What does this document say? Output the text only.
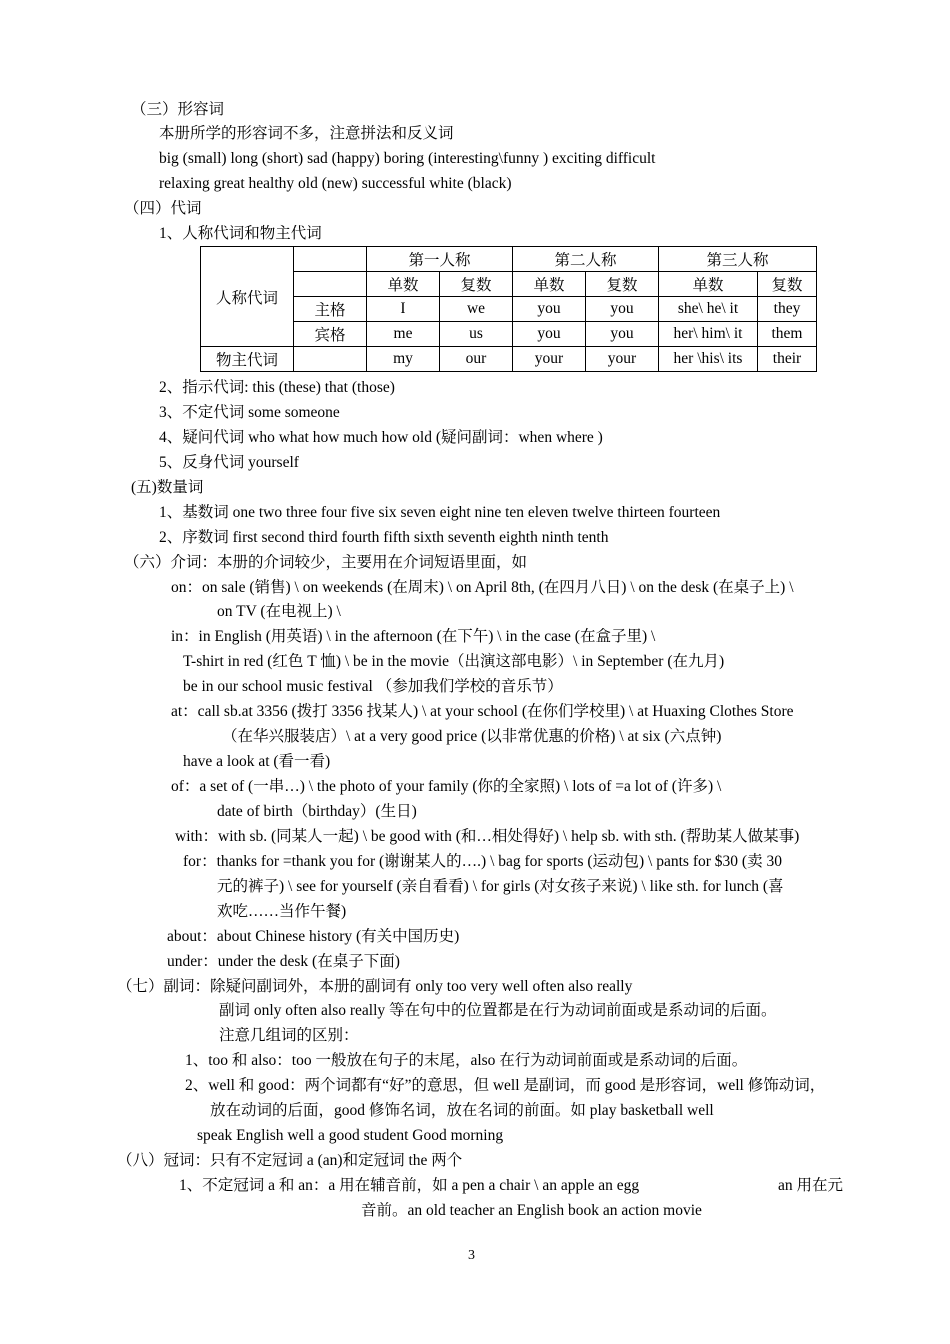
（三）形容词
本册所学的形容词不多，注意拼法和反义词
big (small) long (short) sad (happy) boring (interesting\funny ) exciting difficult
relaxing great healthy old (new) successful white (black)
（四）代词
1、人称代词和物主代词
人称代词		第一人称		第二人称		第三人称	
		单数	复数	单数	复数	单数	复数
	主格	I	we	you	you	she\ he\ it	they
	宾格	me	us	you	you	her\ him\ it	them
物主代词		my	our	your	your	her \his\ its	their
2、指示代词: this (these) that (those)
3、不定代词 some someone
4、疑问代词 who what how much how old (疑问副词：when where )
5、反身代词 yourself
(五)数量词
1、基数词 one two three four five six seven eight nine ten eleven twelve thirteen fourteen
2、序数词 first second third fourth fifth sixth seventh eighth ninth tenth
（六）介词：本册的介词较少，主要用在介词短语里面，如
on：on sale (销售) \ on weekends (在周末) \ on April 8th, (在四月八日) \ on the desk (在桌子上) \
on TV (在电视上) \
in：in English (用英语) \ in the afternoon (在下午) \ in the case (在盒子里) \
T-shirt in red (红色 T 恤) \ be in the movie（出演这部电影）\ in September (在九月)
be in our school music festival （参加我们学校的音乐节）
at：call sb.at 3356 (拨打 3356 找某人) \ at your school (在你们学校里) \ at Huaxing Clothes Store
（在华兴服装店）\ at a very good price (以非常优惠的价格) \ at six (六点钟)
have a look at (看一看)
of：a set of (一串…) \ the photo of your family (你的全家照) \ lots of =a lot of (许多) \
date of birth（birthday）(生日)
with：with sb. (同某人一起) \ be good with (和…相处得好) \ help sb. with sth. (帮助某人做某事)
for：thanks for =thank you for (谢谢某人的….) \ bag for sports (运动包) \ pants for $30 (卖 30
元的裤子) \ see for yourself (亲自看看) \ for girls (对女孩子来说) \ like sth. for lunch (喜
欢吃……当作午餐)
about：about Chinese history (有关中国历史)
under：under the desk (在桌子下面)
（七）副词：除疑问副词外，本册的副词有 only too very well often also really
副词 only often also really 等在句中的位置都是在行为动词前面或是系动词的后面。
注意几组词的区别：
1、too 和 also：too 一般放在句子的末尾，also 在行为动词前面或是系动词的后面。
2、well 和 good：两个词都有“好”的意思，但 well 是副词，而 good 是形容词，well 修饰动词，
放在动词的后面，good 修饰名词，放在名词的前面。如 play basketball well
speak English well a good student Good morning
（八）冠词：只有不定冠词 a (an)和定冠词 the 两个
1、不定冠词 a 和 an：a 用在辅音前，如 a pen a chair \ an apple an egg	an 用在元
音前。an old teacher an English book an action movie
3
